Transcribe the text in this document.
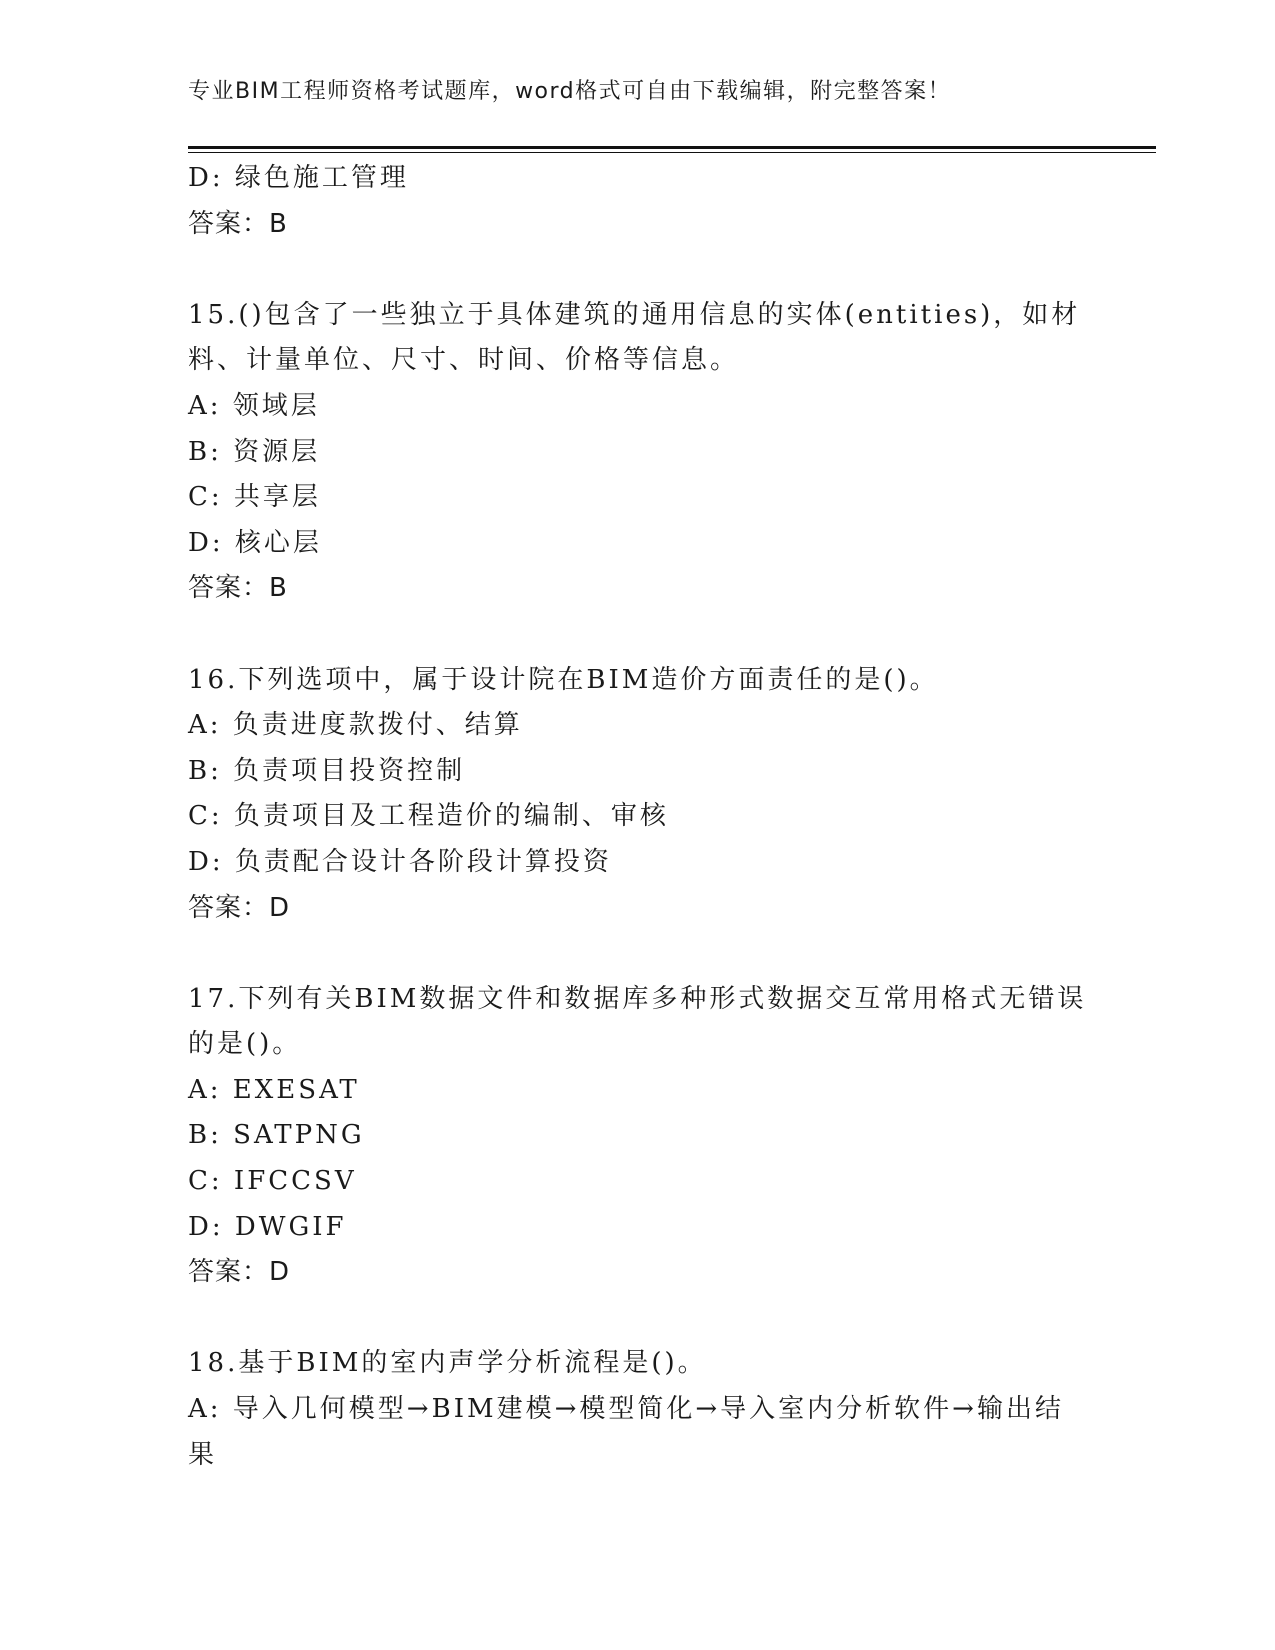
专业BIM工程师资格考试题库，word格式可自由下载编辑，附完整答案！
D: 绿色施工管理
答案：B
15.()包含了一些独立于具体建筑的通用信息的实体(entities)，如材
料、计量单位、尺寸、时间、价格等信息。
A: 领域层
B: 资源层
C: 共享层
D: 核心层
答案：B
16.下列选项中，属于设计院在BIM造价方面责任的是()。
A: 负责进度款拨付、结算
B: 负责项目投资控制
C: 负责项目及工程造价的编制、审核
D: 负责配合设计各阶段计算投资
答案：D
17.下列有关BIM数据文件和数据库多种形式数据交互常用格式无错误
的是()。
A: EXESAT
B: SATPNG
C: IFCCSV
D: DWGIF
答案：D
18.基于BIM的室内声学分析流程是()。
A: 导入几何模型→BIM建模→模型简化→导入室内分析软件→输出结
果
